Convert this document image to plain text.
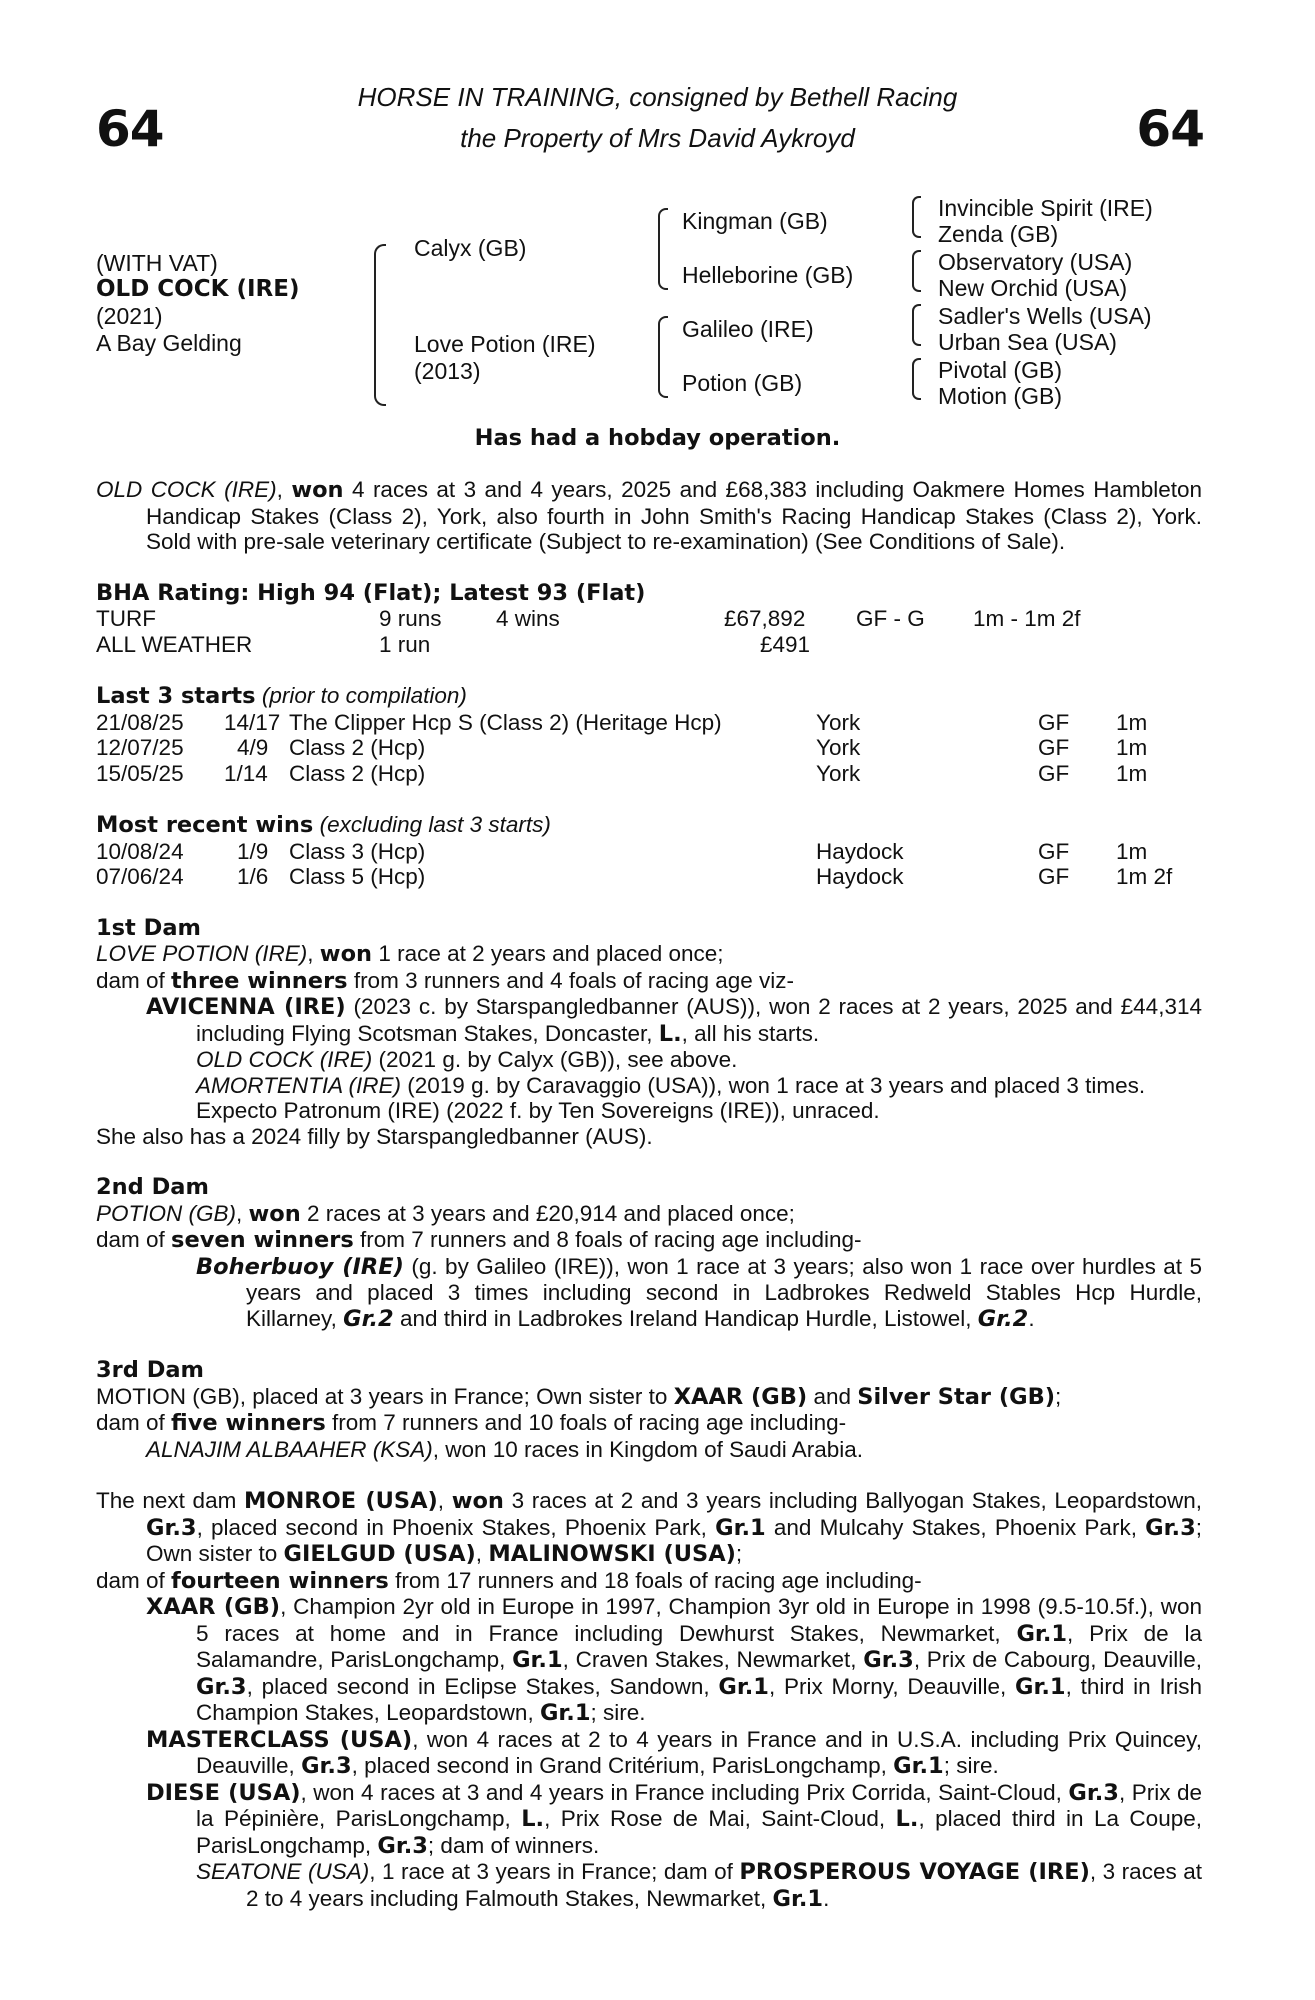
64	64
HORSE IN TRAINING, consigned by Bethell Racing
the Property of Mrs David Aykroyd
(WITH VAT)
OLD COCK (IRE)
(2021)
A Bay Gelding
Calyx (GB)
Love Potion (IRE)
(2013)
Kingman (GB)
Helleborine (GB)
Galileo (IRE)
Potion (GB)
Invincible Spirit (IRE)
Zenda (GB)
Observatory (USA)
New Orchid (USA)
Sadler's Wells (USA)
Urban Sea (USA)
Pivotal (GB)
Motion (GB)
Has had a hobday operation.
OLD COCK (IRE), won 4 races at 3 and 4 years, 2025 and £68,383 including Oakmere Homes Hambleton Handicap Stakes (Class 2), York, also fourth in John Smith's Racing Handicap Stakes (Class 2), York. Sold with pre-sale veterinary certificate (Subject to re-examination) (See Conditions of Sale).
BHA Rating: High 94 (Flat); Latest 93 (Flat)
TURF	9 runs 4 wins	£67,892 GF - G 1m - 1m 2f
ALL WEATHER	1 run	£491
Last 3 starts (prior to compilation)
21/08/25 14/17 The Clipper Hcp S (Class 2) (Heritage Hcp)	York	GF 1m
12/07/25 4/9 Class 2 (Hcp)	York	GF 1m
15/05/25 1/14 Class 2 (Hcp)	York	GF 1m
Most recent wins (excluding last 3 starts)
10/08/24 1/9 Class 3 (Hcp)	Haydock	GF 1m
07/06/24 1/6 Class 5 (Hcp)	Haydock	GF 1m 2f
1st Dam
LOVE POTION (IRE), won 1 race at 2 years and placed once;
dam of three winners from 3 runners and 4 foals of racing age viz-
AVICENNA (IRE) (2023 c. by Starspangledbanner (AUS)), won 2 races at 2 years, 2025 and £44,314 including Flying Scotsman Stakes, Doncaster, L., all his starts.
OLD COCK (IRE) (2021 g. by Calyx (GB)), see above.
AMORTENTIA (IRE) (2019 g. by Caravaggio (USA)), won 1 race at 3 years and placed 3 times.
Expecto Patronum (IRE) (2022 f. by Ten Sovereigns (IRE)), unraced.
She also has a 2024 filly by Starspangledbanner (AUS).
2nd Dam
POTION (GB), won 2 races at 3 years and £20,914 and placed once;
dam of seven winners from 7 runners and 8 foals of racing age including-
Boherbuoy (IRE) (g. by Galileo (IRE)), won 1 race at 3 years; also won 1 race over hurdles at 5 years and placed 3 times including second in Ladbrokes Redweld Stables Hcp Hurdle, Killarney, Gr.2 and third in Ladbrokes Ireland Handicap Hurdle, Listowel, Gr.2.
3rd Dam
MOTION (GB), placed at 3 years in France; Own sister to XAAR (GB) and Silver Star (GB);
dam of five winners from 7 runners and 10 foals of racing age including-
ALNAJIM ALBAAHER (KSA), won 10 races in Kingdom of Saudi Arabia.
The next dam MONROE (USA), won 3 races at 2 and 3 years including Ballyogan Stakes, Leopardstown, Gr.3, placed second in Phoenix Stakes, Phoenix Park, Gr.1 and Mulcahy Stakes, Phoenix Park, Gr.3; Own sister to GIELGUD (USA), MALINOWSKI (USA);
dam of fourteen winners from 17 runners and 18 foals of racing age including-
XAAR (GB), Champion 2yr old in Europe in 1997, Champion 3yr old in Europe in 1998 (9.5-10.5f.), won 5 races at home and in France including Dewhurst Stakes, Newmarket, Gr.1, Prix de la Salamandre, ParisLongchamp, Gr.1, Craven Stakes, Newmarket, Gr.3, Prix de Cabourg, Deauville, Gr.3, placed second in Eclipse Stakes, Sandown, Gr.1, Prix Morny, Deauville, Gr.1, third in Irish Champion Stakes, Leopardstown, Gr.1; sire.
MASTERCLASS (USA), won 4 races at 2 to 4 years in France and in U.S.A. including Prix Quincey, Deauville, Gr.3, placed second in Grand Critérium, ParisLongchamp, Gr.1; sire.
DIESE (USA), won 4 races at 3 and 4 years in France including Prix Corrida, Saint-Cloud, Gr.3, Prix de la Pépinière, ParisLongchamp, L., Prix Rose de Mai, Saint-Cloud, L., placed third in La Coupe, ParisLongchamp, Gr.3; dam of winners.
SEATONE (USA), 1 race at 3 years in France; dam of PROSPEROUS VOYAGE (IRE), 3 races at 2 to 4 years including Falmouth Stakes, Newmarket, Gr.1.
